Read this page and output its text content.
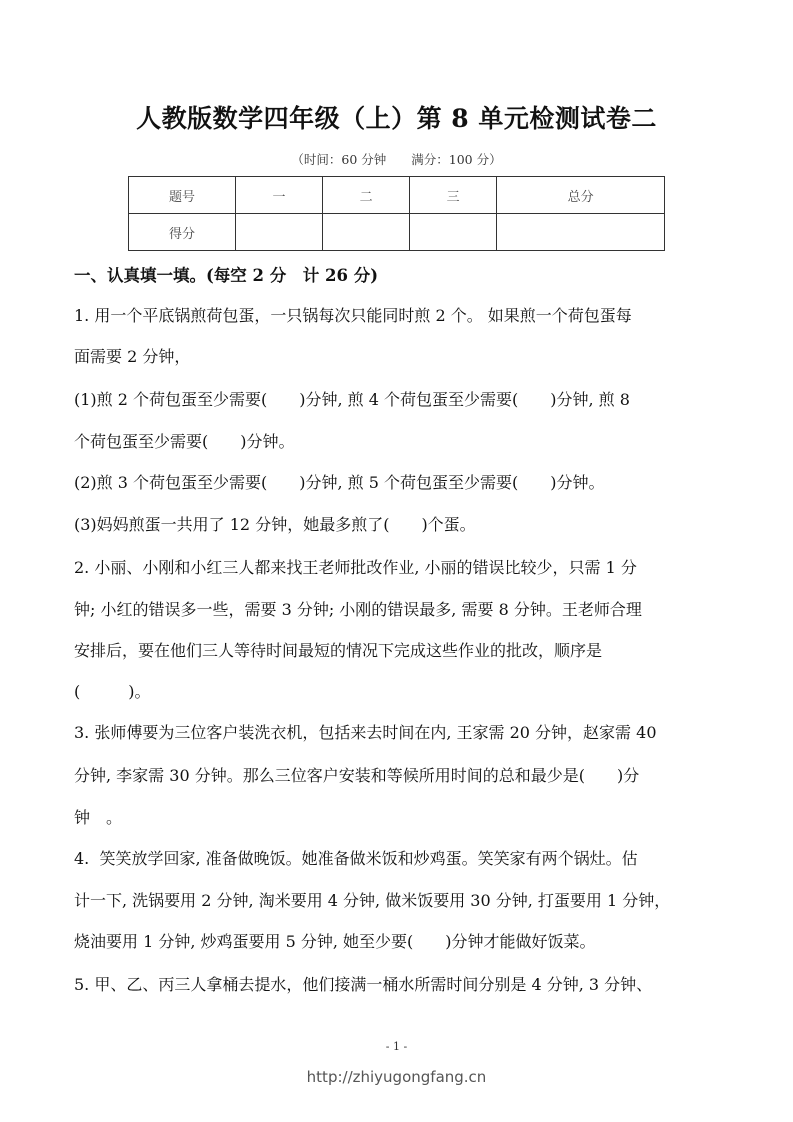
人教版数学四年级（上）第 8 单元检测试卷二
（时间：60 分钟　　满分：100 分）
题号	一	二	三	总分
得分				
一、认真填一填。(每空 2 分　计 26 分)
1. 用一个平底锅煎荷包蛋，一只锅每次只能同时煎 2 个。 如果煎一个荷包蛋每
面需要 2 分钟，
(1)煎 2 个荷包蛋至少需要(　　)分钟, 煎 4 个荷包蛋至少需要(　　)分钟, 煎 8
个荷包蛋至少需要(　　)分钟。
(2)煎 3 个荷包蛋至少需要(　　)分钟, 煎 5 个荷包蛋至少需要(　　)分钟。
(3)妈妈煎蛋一共用了 12 分钟，她最多煎了(　　)个蛋。
2. 小丽、小刚和小红三人都来找王老师批改作业, 小丽的错误比较少，只需 1 分
钟; 小红的错误多一些，需要 3 分钟; 小刚的错误最多, 需要 8 分钟。王老师合理
安排后，要在他们三人等待时间最短的情况下完成这些作业的批改，顺序是
(　　　)。
3. 张师傅要为三位客户装洗衣机，包括来去时间在内, 王家需 20 分钟，赵家需 40
分钟, 李家需 30 分钟。那么三位客户安装和等候所用时间的总和最少是(　　)分
钟　。
4.  笑笑放学回家, 准备做晚饭。她准备做米饭和炒鸡蛋。笑笑家有两个锅灶。估
计一下, 洗锅要用 2 分钟, 淘米要用 4 分钟, 做米饭要用 30 分钟, 打蛋要用 1 分钟，
烧油要用 1 分钟, 炒鸡蛋要用 5 分钟, 她至少要(　　)分钟才能做好饭菜。
5. 甲、乙、丙三人拿桶去提水，他们接满一桶水所需时间分别是 4 分钟, 3 分钟、
- 1 -
http://zhiyugongfang.cn
